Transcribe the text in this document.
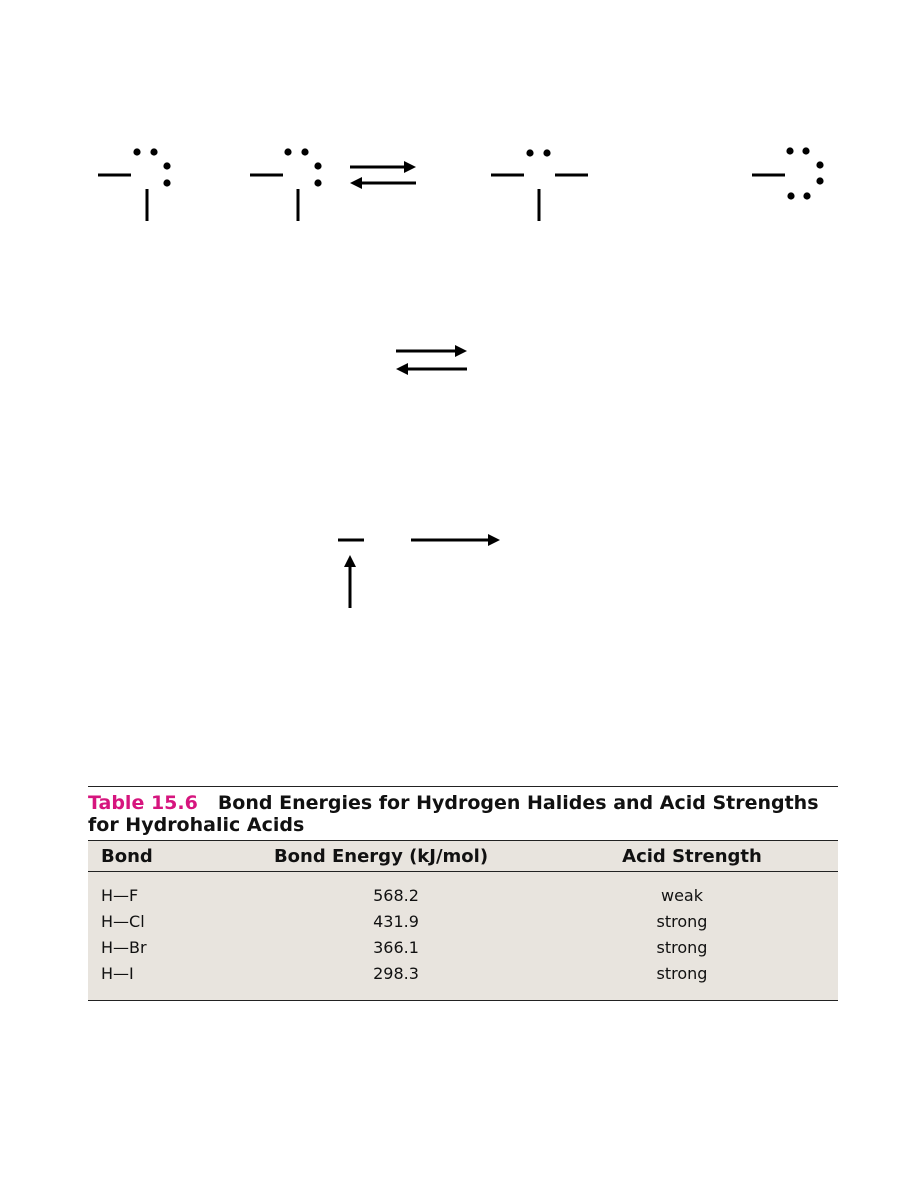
Table 15.6 Bond Energies for Hydrogen Halides and Acid Strengths for Hydrohalic Acids
Bond	Bond Energy (kJ/mol)	Acid Strength
H—F	568.2	weak
H—Cl	431.9	strong
H—Br	366.1	strong
H—I	298.3	strong
